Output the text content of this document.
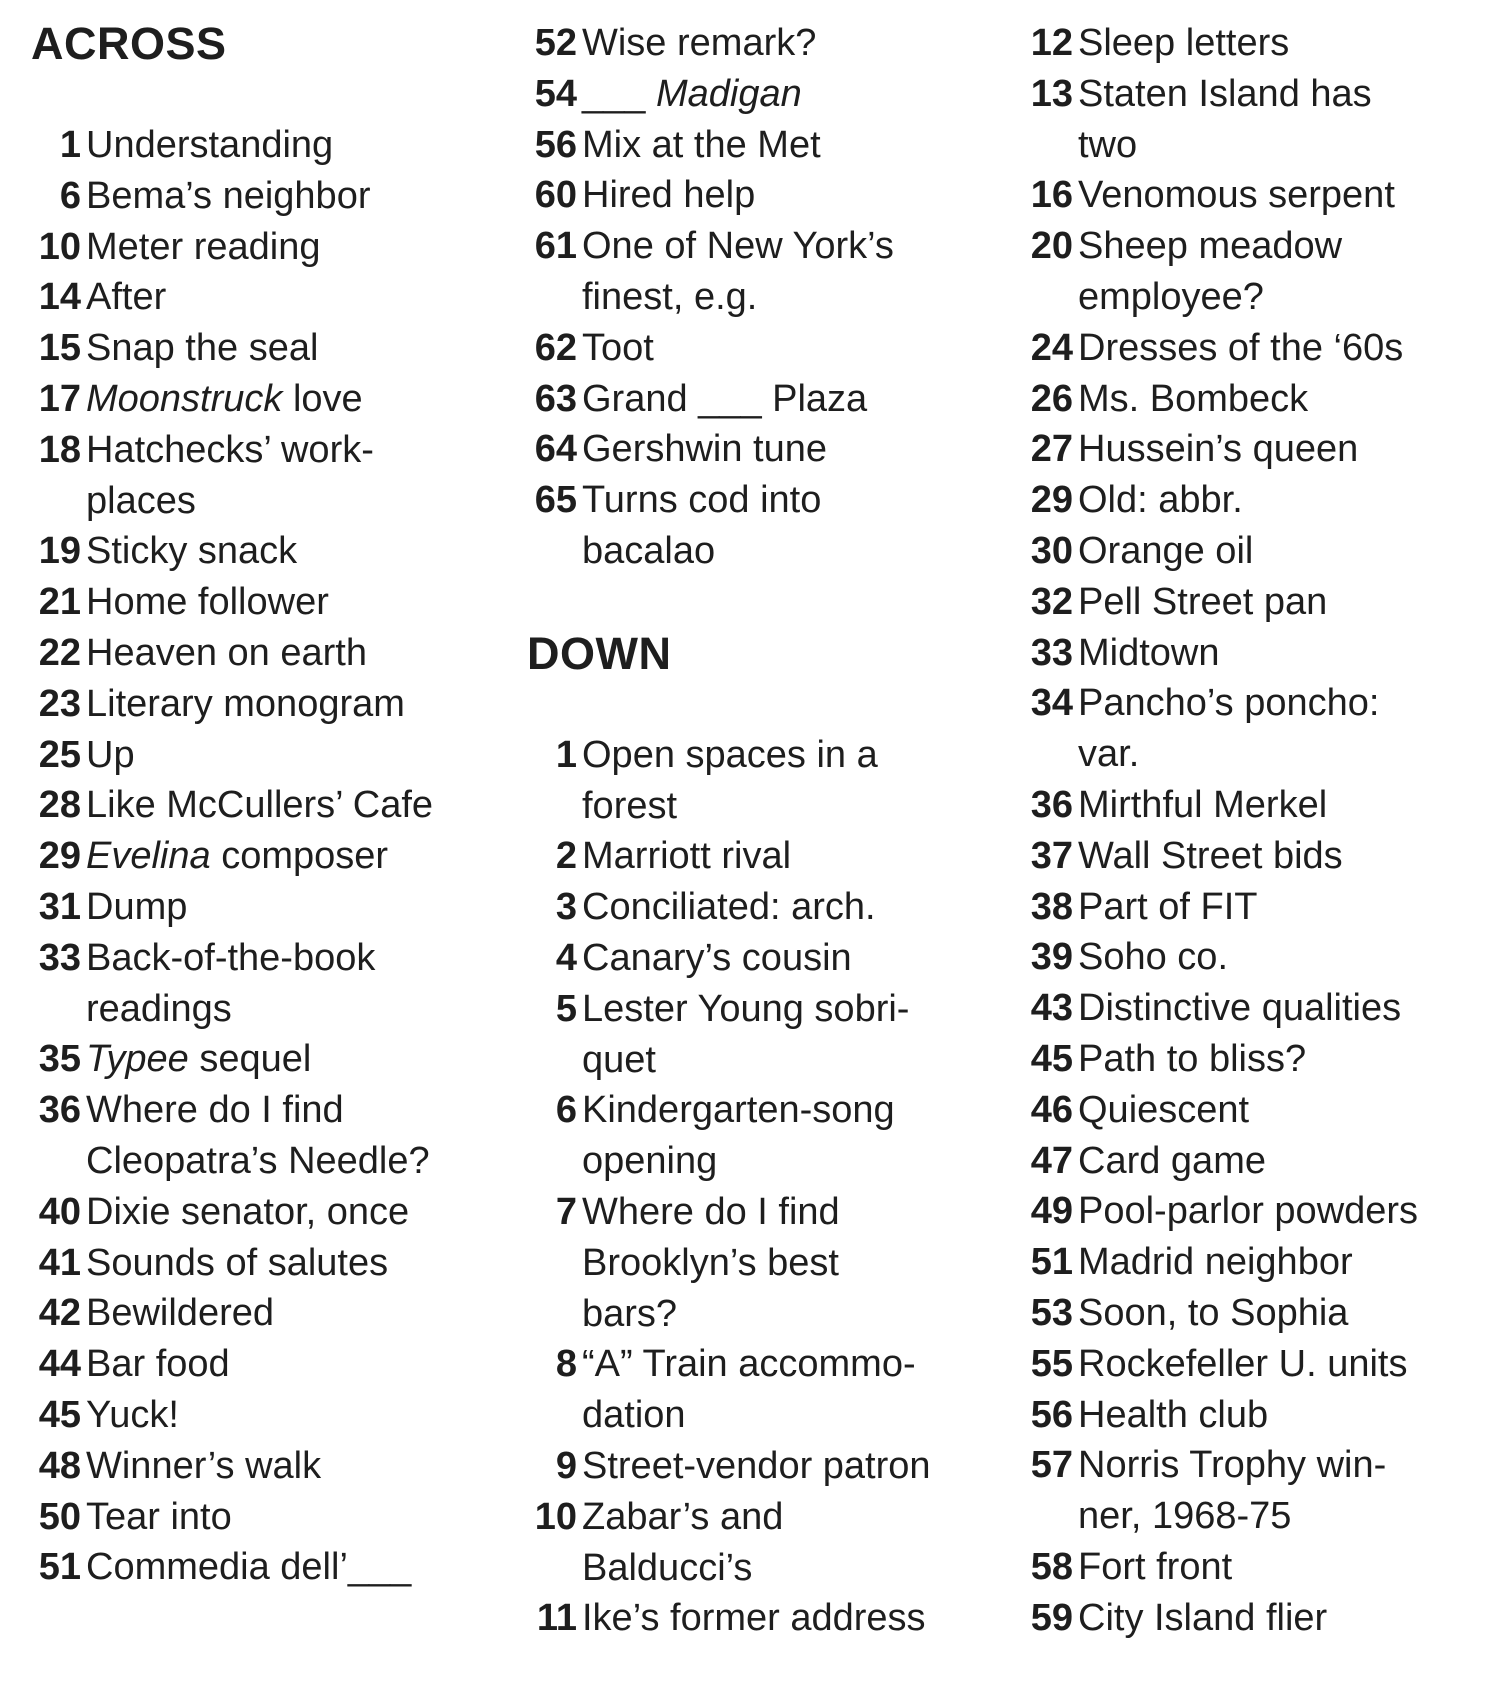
ACROSS
1 Understanding
6 Bema’s neighbor
10 Meter reading
14 After
15 Snap the seal
17 Moonstruck love
18 Hatchecks’ work-
places
19 Sticky snack
21 Home follower
22 Heaven on earth
23 Literary monogram
25 Up
28 Like McCullers’ Cafe
29 Evelina composer
31 Dump
33 Back-of-the-book
readings
35 Typee sequel
36 Where do I find
Cleopatra’s Needle?
40 Dixie senator, once
41 Sounds of salutes
42 Bewildered
44 Bar food
45 Yuck!
48 Winner’s walk
50 Tear into
51 Commedia dell’___
52 Wise remark?
54 ___ Madigan
56 Mix at the Met
60 Hired help
61 One of New York’s
finest, e.g.
62 Toot
63 Grand ___ Plaza
64 Gershwin tune
65 Turns cod into
bacalao
DOWN
1 Open spaces in a
forest
2 Marriott rival
3 Conciliated: arch.
4 Canary’s cousin
5 Lester Young sobri-
quet
6 Kindergarten-song
opening
7 Where do I find
Brooklyn’s best
bars?
8 “A” Train accommo-
dation
9 Street-vendor patron
10 Zabar’s and
Balducci’s
11 Ike’s former address
12 Sleep letters
13 Staten Island has
two
16 Venomous serpent
20 Sheep meadow
employee?
24 Dresses of the ‘60s
26 Ms. Bombeck
27 Hussein’s queen
29 Old: abbr.
30 Orange oil
32 Pell Street pan
33 Midtown
34 Pancho’s poncho:
var.
36 Mirthful Merkel
37 Wall Street bids
38 Part of FIT
39 Soho co.
43 Distinctive qualities
45 Path to bliss?
46 Quiescent
47 Card game
49 Pool-parlor powders
51 Madrid neighbor
53 Soon, to Sophia
55 Rockefeller U. units
56 Health club
57 Norris Trophy win-
ner, 1968-75
58 Fort front
59 City Island flier
